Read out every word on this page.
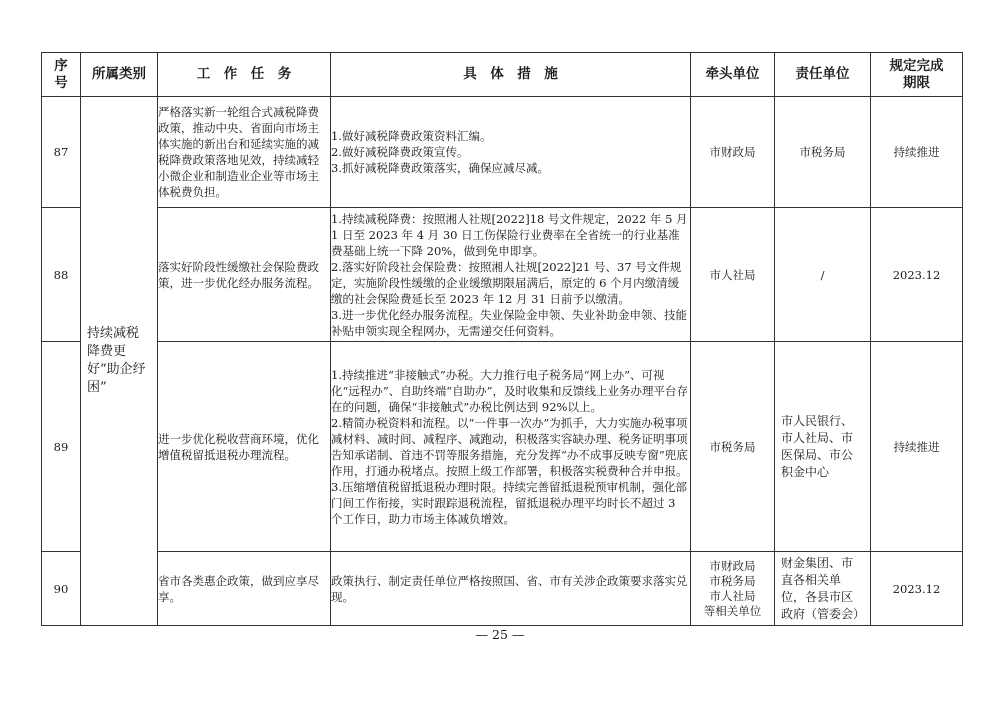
序
号	所属类别	工　作　任　务	具　体　措　施	牵头单位	责任单位	规定完成
期限
87	持续减税降费更好“助企纾困”	严格落实新一轮组合式减税降费政策，推动中央、省面向市场主体实施的新出台和延续实施的减税降费政策落地见效，持续减轻小微企业和制造业企业等市场主体税费负担。	1.做好减税降费政策资料汇编。

2.做好减税降费政策宣传。

3.抓好减税降费政策落实，确保应减尽减。	市财政局	市税务局	持续推进
88		落实好阶段性缓缴社会保险费政策，进一步优化经办服务流程。	1.持续减税降费：按照湘人社规[2022]18 号文件规定，2022 年 5 月 1 日至 2023 年 4 月 30 日工伤保险行业费率在全省统一的行业基准费基础上统一下降 20%，做到免申即享。

2.落实好阶段社会保险费：按照湘人社规[2022]21 号、37 号文件规定，实施阶段性缓缴的企业缓缴期限届满后，原定的 6 个月内缴清缓缴的社会保险费延长至 2023 年 12 月 31 日前予以缴清。

3.进一步优化经办服务流程。失业保险金申领、失业补助金申领、技能补贴申领实现全程网办，无需递交任何资料。	市人社局	/	2023.12
89		进一步优化税收营商环境，优化增值税留抵退税办理流程。	1.持续推进“非接触式”办税。大力推行电子税务局“网上办”、可视化“远程办”、自助终端“自助办”，及时收集和反馈线上业务办理平台存在的问题，确保“非接触式”办税比例达到 92%以上。

2.精简办税资料和流程。以“一件事一次办”为抓手，大力实施办税事项减材料、减时间、减程序、减跑动，积极落实容缺办理、税务证明事项告知承诺制、首违不罚等服务措施，充分发挥“办不成事反映专窗”兜底作用，打通办税堵点。按照上级工作部署，积极落实税费种合并申报。

3.压缩增值税留抵退税办理时限。持续完善留抵退税预审机制，强化部门间工作衔接，实时跟踪退税流程，留抵退税办理平均时长不超过 3 个工作日，助力市场主体减负增效。	市税务局	市人民银行、市人社局、市医保局、市公积金中心	持续推进
90		省市各类惠企政策，做到应享尽享。	政策执行、制定责任单位严格按照国、省、市有关涉企政策要求落实兑现。	市财政局
市税务局
市人社局
等相关单位	财金集团、市直各相关单位，各县市区政府（管委会）	2023.12
— 25 —
